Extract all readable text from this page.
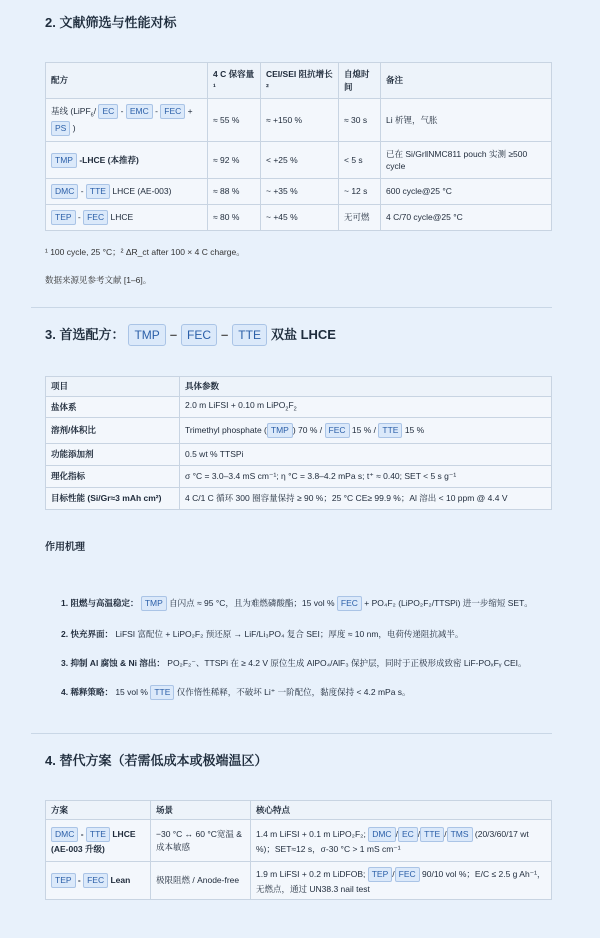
2. 文献筛选与性能对标
配方	4 C 保容量 ¹	CEI/SEI 阻抗增长 ²	自熄时间	备注
基线 (LiPF$_6$/ EC - EMC - FEC + PS )	≈ 55 %	≈ +150 %	≈ 30 s	Li 析锂，气胀
TMP -LHCE (本推荐)	≈ 92 %	< +25 %	< 5 s	已在 Si/Gr‖NMC811 pouch 实测 ≥500 cycle
DMC - TTE LHCE (AE-003)	≈ 88 %	~ +35 %	~ 12 s	600 cycle@25 °C
TEP - FEC LHCE	≈ 80 %	~ +45 %	无可燃	4 C/70 cycle@25 °C
¹ 100 cycle, 25 °C；² ΔR_ct after 100 × 4 C charge。
数据来源见参考文献 [1–6]。
3. 首选配方： TMP – FEC – TTE 双盐 LHCE
项目	具体参数
盐体系	2.0 m LiFSI + 0.10 m $LiPO_2F_2$
溶剂/体积比	Trimethyl phosphate ( TMP ) 70 % / FEC 15 % / TTE 15 %
功能添加剂	0.5 wt % TTSPi
理化指标	σ °C = 3.0–3.4 mS cm⁻¹; η °C = 3.8–4.2 mPa s; t⁺ ≈ 0.40; SET < 5 s g⁻¹
目标性能 (Si/Gr≈3 mAh cm²)	4 C/1 C 循环 300 圈容量保持 ≥ 90 %；25 °C CE≥ 99.9 %；Al 溶出 < 10 ppm @ 4.4 V
作用机理
1. 阻燃与高温稳定： TMP 自闪点 ≈ 95 °C，且为难燃磷酸酯；15 vol % FEC + PO₄F₂ (LiPO₂F₂/TTSPi) 进一步缩短 SET。
2. 快充界面： LiFSI 富配位 + LiPO₂F₂ 预还原 → LiF/Li₃PO₄ 复合 SEI；厚度 ≈ 10 nm，电荷传递阻抗减半。
3. 抑制 Al 腐蚀 & Ni 溶出： PO₂F₂⁻、TTSPi 在 ≥ 4.2 V 原位生成 AlPO₄/AlF₃ 保护层，同时于正极形成致密 LiF-POₓFᵧ CEI。
4. 稀释策略： 15 vol % TTE 仅作惰性稀释，不破坏 Li⁺ 一阶配位，黏度保持 < 4.2 mPa s。
4. 替代方案（若需低成本或极端温区）
方案	场景	核心特点
DMC - TTE LHCE (AE-003 升级)	−30 °C ↔ 60 °C宽温 & 成本敏感	1.4 m LiFSI + 0.1 m LiPO₂F₂; DMC / EC / TTE / TMS (20/3/60/17 wt %)；SET≈12 s，σ-30 °C > 1 mS cm⁻¹
TEP - FEC Lean	极限阻燃 / Anode-free	1.9 m LiFSI + 0.2 m LiDFOB; TEP / FEC 90/10 vol %；E/C ≤ 2.5 g Ah⁻¹，无燃点，通过 UN38.3 nail test
